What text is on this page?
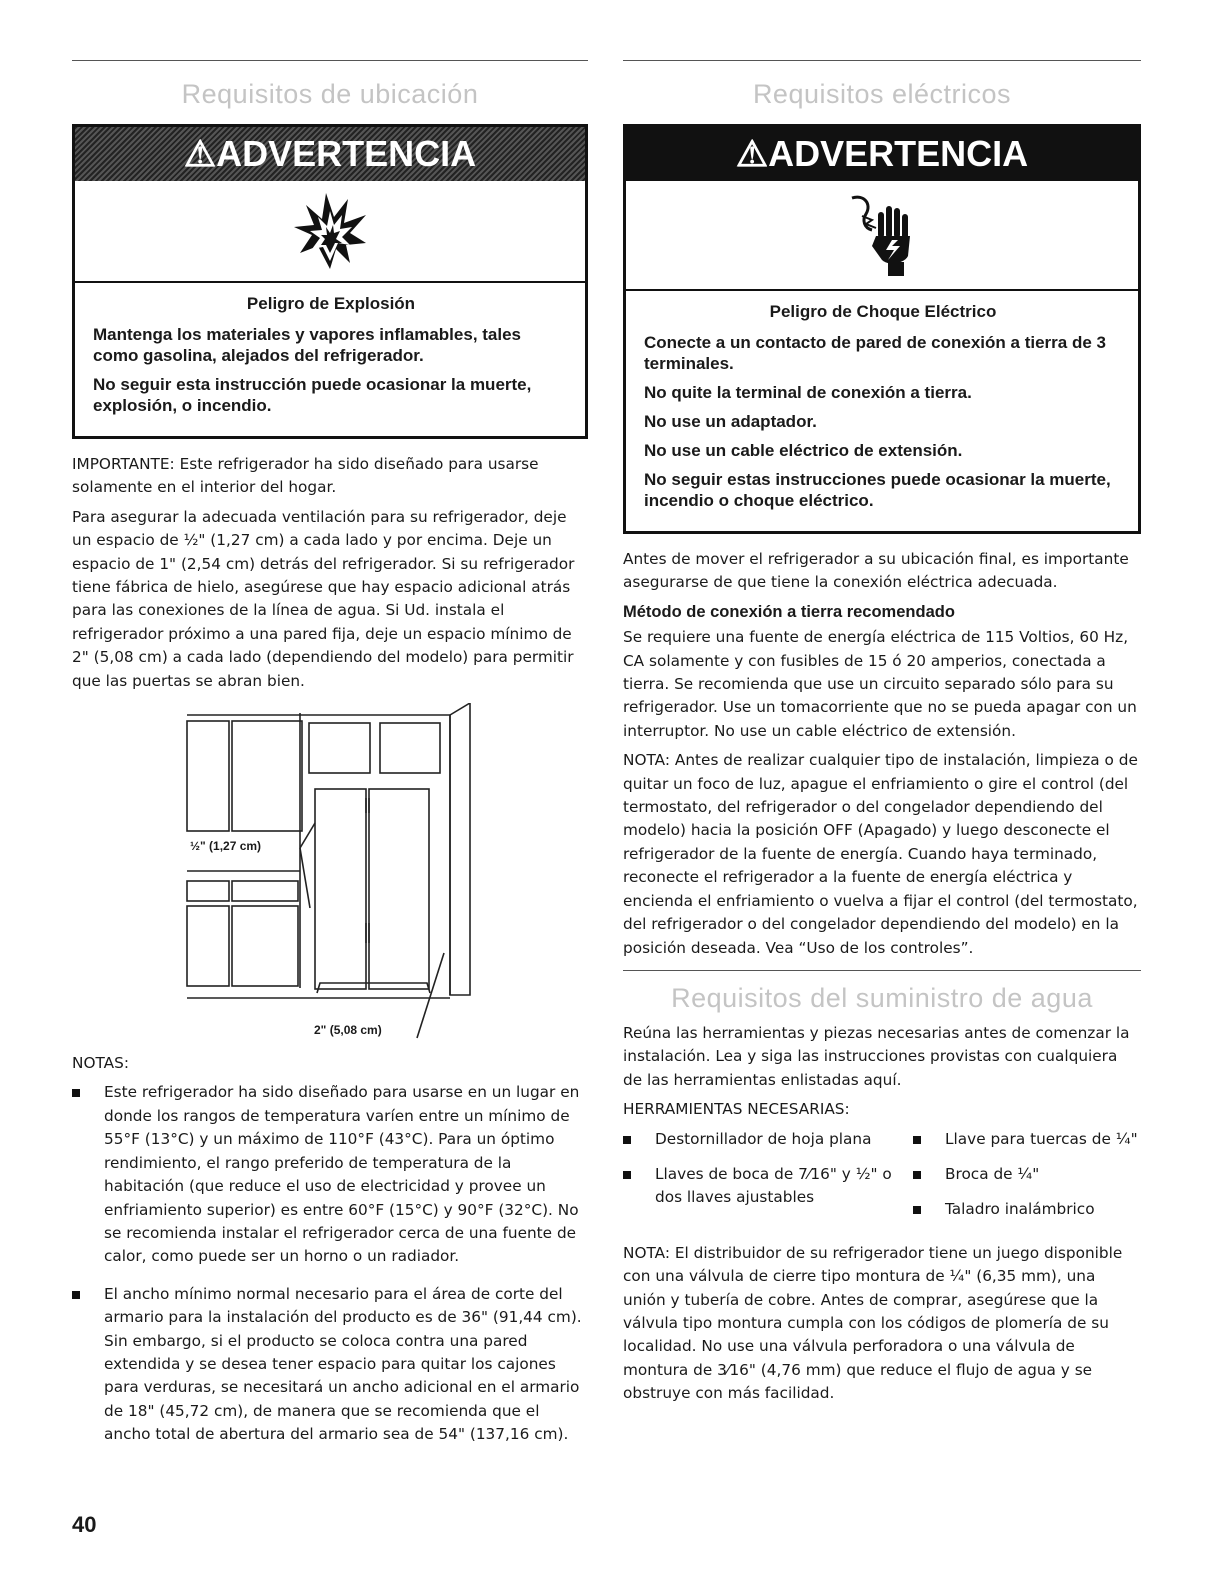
Requisitos de ubicación
⚠ADVERTENCIA
Peligro de Explosión

Mantenga los materiales y vapores inflamables, tales como gasolina, alejados del refrigerador.

No seguir esta instrucción puede ocasionar la muerte, explosión, o incendio.

IMPORTANTE: Este refrigerador ha sido diseñado para usarse solamente en el interior del hogar.

Para asegurar la adecuada ventilación para su refrigerador, deje un espacio de ½" (1,27 cm) a cada lado y por encima. Deje un espacio de 1" (2,54 cm) detrás del refrigerador. Si su refrigerador tiene fábrica de hielo, asegúrese que hay espacio adicional atrás para las conexiones de la línea de agua. Si Ud. instala el refrigerador próximo a una pared fija, deje un espacio mínimo de 2" (5,08 cm) a cada lado (dependiendo del modelo) para permitir que las puertas se abran bien.

½" (1,27 cm)
2" (5,08 cm)
NOTAS:
Este refrigerador ha sido diseñado para usarse en un lugar en donde los rangos de temperatura varíen entre un mínimo de 55°F (13°C) y un máximo de 110°F (43°C). Para un óptimo rendimiento, el rango preferido de temperatura de la habitación (que reduce el uso de electricidad y provee un enfriamiento superior) es entre 60°F (15°C) y 90°F (32°C). No se recomienda instalar el refrigerador cerca de una fuente de calor, como puede ser un horno o un radiador.
El ancho mínimo normal necesario para el área de corte del armario para la instalación del producto es de 36" (91,44 cm). Sin embargo, si el producto se coloca contra una pared extendida y se desea tener espacio para quitar los cajones para verduras, se necesitará un ancho adicional en el armario de 18" (45,72 cm), de manera que se recomienda que el ancho total de abertura del armario sea de 54" (137,16 cm).
Requisitos eléctricos
⚠ADVERTENCIA
Peligro de Choque Eléctrico

Conecte a un contacto de pared de conexión a tierra de 3 terminales.

No quite la terminal de conexión a tierra.

No use un adaptador.

No use un cable eléctrico de extensión.

No seguir estas instrucciones puede ocasionar la muerte, incendio o choque eléctrico.

Antes de mover el refrigerador a su ubicación final, es importante asegurarse de que tiene la conexión eléctrica adecuada.

Método de conexión a tierra recomendado

Se requiere una fuente de energía eléctrica de 115 Voltios, 60 Hz, CA solamente y con fusibles de 15 ó 20 amperios, conectada a tierra. Se recomienda que use un circuito separado sólo para su refrigerador. Use un tomacorriente que no se pueda apagar con un interruptor. No use un cable eléctrico de extensión.

NOTA: Antes de realizar cualquier tipo de instalación, limpieza o de quitar un foco de luz, apague el enfriamiento o gire el control (del termostato, del refrigerador o del congelador dependiendo del modelo) hacia la posición OFF (Apagado) y luego desconecte el refrigerador de la fuente de energía. Cuando haya terminado, reconecte el refrigerador a la fuente de energía eléctrica y encienda el enfriamiento o vuelva a fijar el control (del termostato, del refrigerador o del congelador dependiendo del modelo) en la posición deseada. Vea “Uso de los controles”.

Requisitos del suministro de agua

Reúna las herramientas y piezas necesarias antes de comenzar la instalación. Lea y siga las instrucciones provistas con cualquiera de las herramientas enlistadas aquí.

HERRAMIENTAS NECESARIAS:
Destornillador de hoja plana	Llave para tuercas de ¼"
Llaves de boca de 7⁄16" y ½" o dos llaves ajustables
Broca de ¼"
Taladro inalámbrico

NOTA: El distribuidor de su refrigerador tiene un juego disponible con una válvula de cierre tipo montura de ¼" (6,35 mm), una unión y tubería de cobre. Antes de comprar, asegúrese que la válvula tipo montura cumpla con los códigos de plomería de su localidad. No use una válvula perforadora o una válvula de montura de 3⁄16" (4,76 mm) que reduce el flujo de agua y se obstruye con más facilidad.

40
